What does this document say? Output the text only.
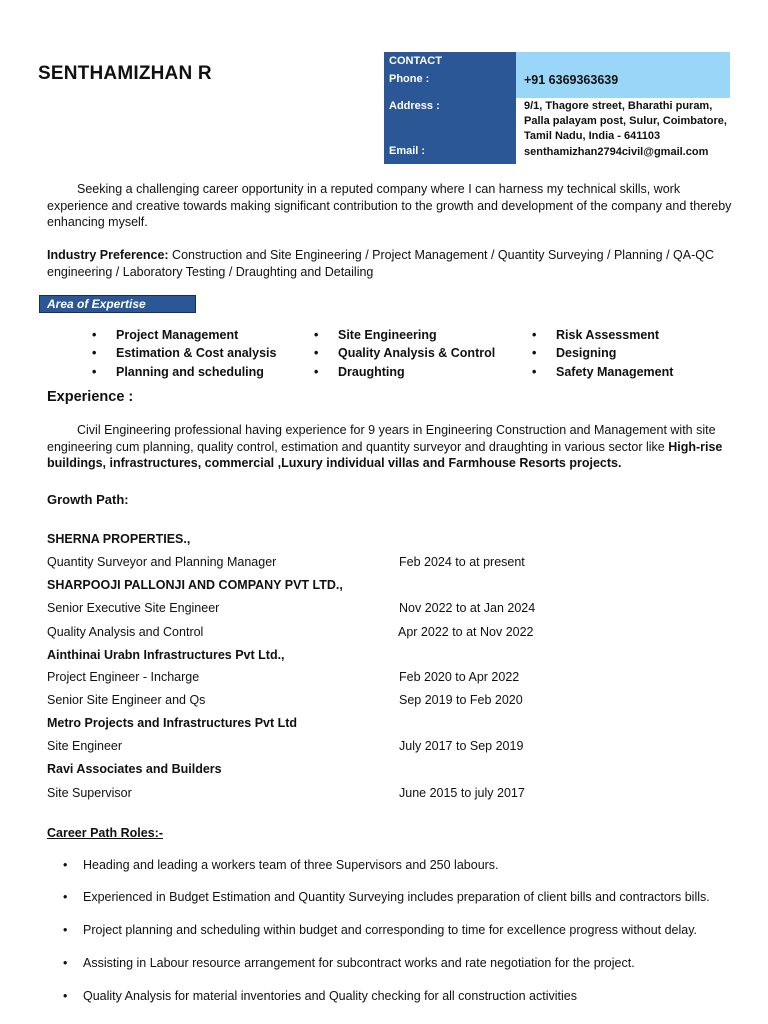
SENTHAMIZHAN R
CONTACT
Phone :	+91 6369363639
Address :	9/1, Thagore street, Bharathi puram,
Palla palayam post, Sulur, Coimbatore,
Tamil Nadu, India - 641103
Email :	senthamizhan2794civil@gmail.com
Seeking a challenging career opportunity in a reputed company where I can harness my technical skills, work experience and creative towards making significant contribution to the growth and development of the company and thereby enhancing myself.
Industry Preference: Construction and Site Engineering / Project Management / Quantity Surveying / Planning / QA-QC engineering / Laboratory Testing / Draughting and Detailing
Area of Expertise
• Project Management
• Estimation & Cost analysis
• Planning and scheduling
• Site Engineering
• Quality Analysis & Control
• Draughting
• Risk Assessment
• Designing
• Safety Management
Experience :
Civil Engineering professional having experience for 9 years in Engineering Construction and Management with site engineering cum planning, quality control, estimation and quantity surveyor and draughting in various sector like High-rise buildings, infrastructures, commercial ,Luxury individual villas and Farmhouse Resorts projects.
Growth Path:
SHERNA PROPERTIES.,
Quantity Surveyor and Planning Manager	Feb 2024 to at present
SHARPOOJI PALLONJI AND COMPANY PVT LTD.,
Senior Executive Site Engineer	Nov 2022 to at Jan 2024
Quality Analysis and Control	Apr 2022 to at Nov 2022
Ainthinai Urabn Infrastructures Pvt Ltd.,
Project Engineer - Incharge	Feb 2020 to Apr 2022
Senior Site Engineer and Qs	Sep 2019 to Feb 2020
Metro Projects and Infrastructures Pvt Ltd
Site Engineer	July 2017 to Sep 2019
Ravi Associates and Builders
Site Supervisor	June 2015 to july 2017
Career Path Roles:-
• Heading and leading a workers team of three Supervisors and 250 labours.
• Experienced in Budget Estimation and Quantity Surveying includes preparation of client bills and contractors bills.
• Project planning and scheduling within budget and corresponding to time for excellence progress without delay.
• Assisting in Labour resource arrangement for subcontract works and rate negotiation for the project.
• Quality Analysis for material inventories and Quality checking for all construction activities
